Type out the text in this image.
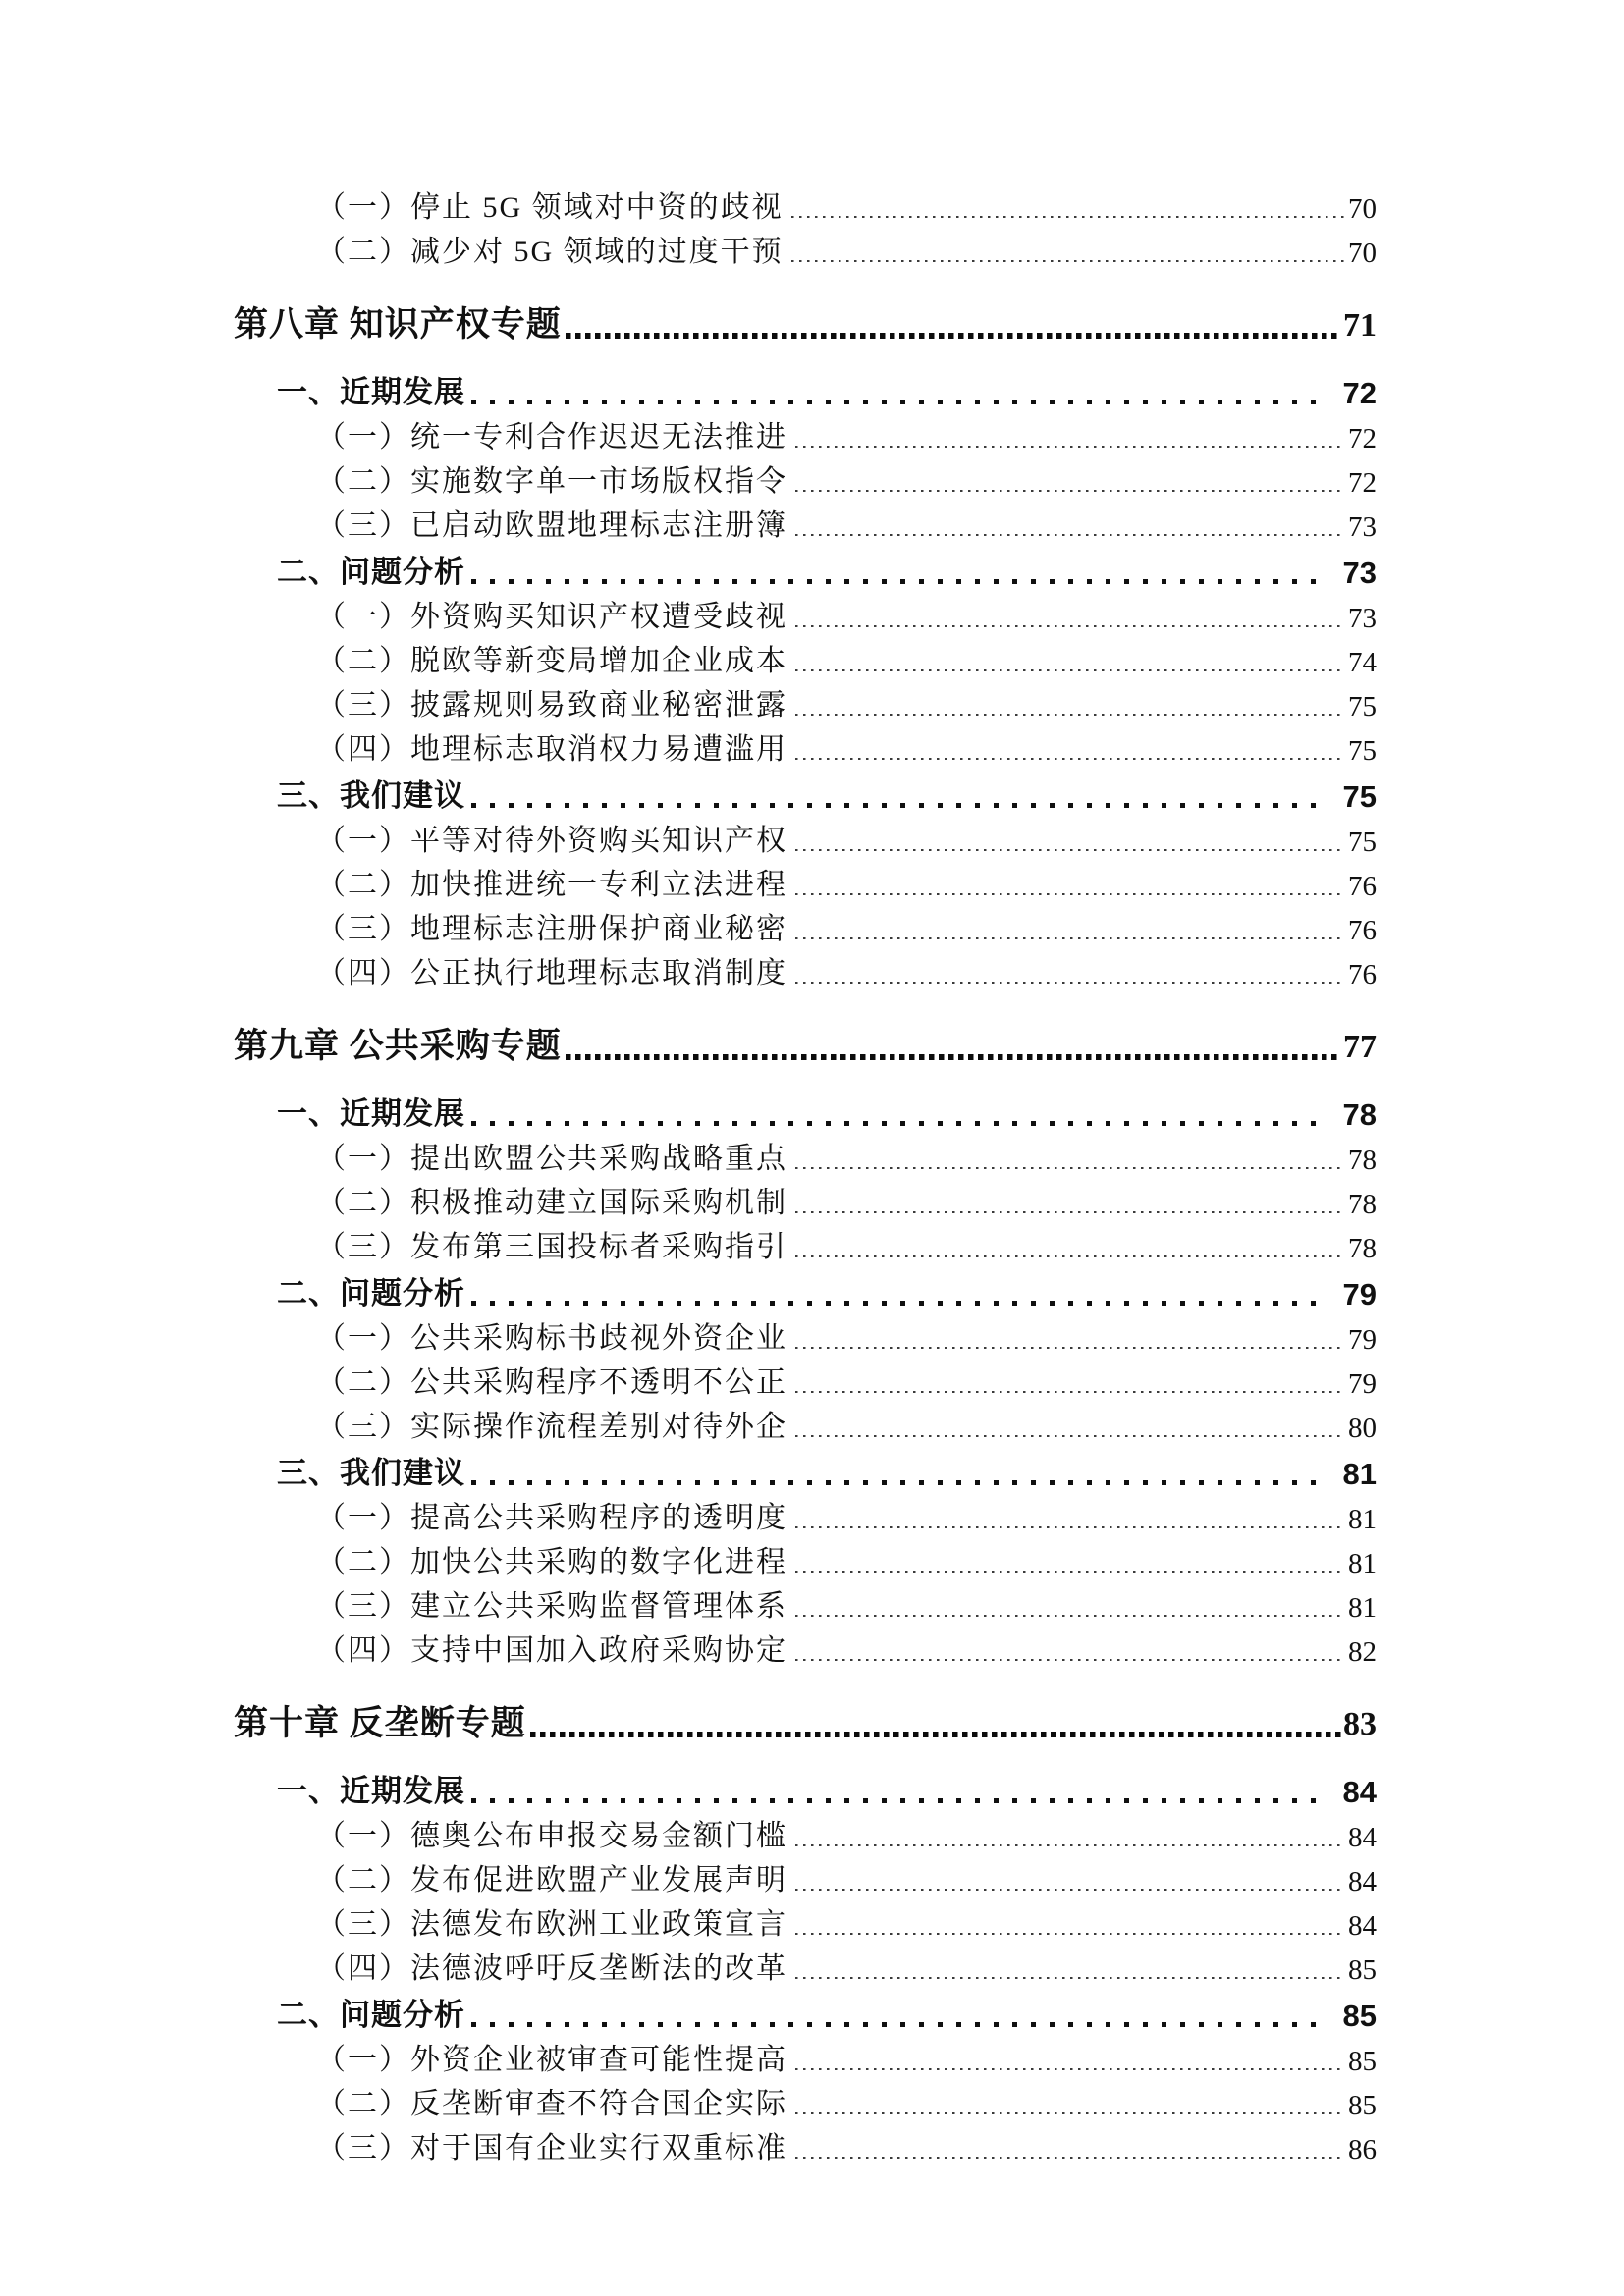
（一）停止 5G 领域对中资的歧视	70
（二）减少对 5G 领域的过度干预	70
第八章 知识产权专题	71
一、近期发展	72
（一）统一专利合作迟迟无法推进	72
（二）实施数字单一市场版权指令	72
（三）已启动欧盟地理标志注册簿	73
二、问题分析	73
（一）外资购买知识产权遭受歧视	73
（二）脱欧等新变局增加企业成本	74
（三）披露规则易致商业秘密泄露	75
（四）地理标志取消权力易遭滥用	75
三、我们建议	75
（一）平等对待外资购买知识产权	75
（二）加快推进统一专利立法进程	76
（三）地理标志注册保护商业秘密	76
（四）公正执行地理标志取消制度	76
第九章 公共采购专题	77
一、近期发展	78
（一）提出欧盟公共采购战略重点	78
（二）积极推动建立国际采购机制	78
（三）发布第三国投标者采购指引	78
二、问题分析	79
（一）公共采购标书歧视外资企业	79
（二）公共采购程序不透明不公正	79
（三）实际操作流程差别对待外企	80
三、我们建议	81
（一）提高公共采购程序的透明度	81
（二）加快公共采购的数字化进程	81
（三）建立公共采购监督管理体系	81
（四）支持中国加入政府采购协定	82
第十章 反垄断专题	83
一、近期发展	84
（一）德奥公布申报交易金额门槛	84
（二）发布促进欧盟产业发展声明	84
（三）法德发布欧洲工业政策宣言	84
（四）法德波呼吁反垄断法的改革	85
二、问题分析	85
（一）外资企业被审查可能性提高	85
（二）反垄断审查不符合国企实际	85
（三）对于国有企业实行双重标准	86
